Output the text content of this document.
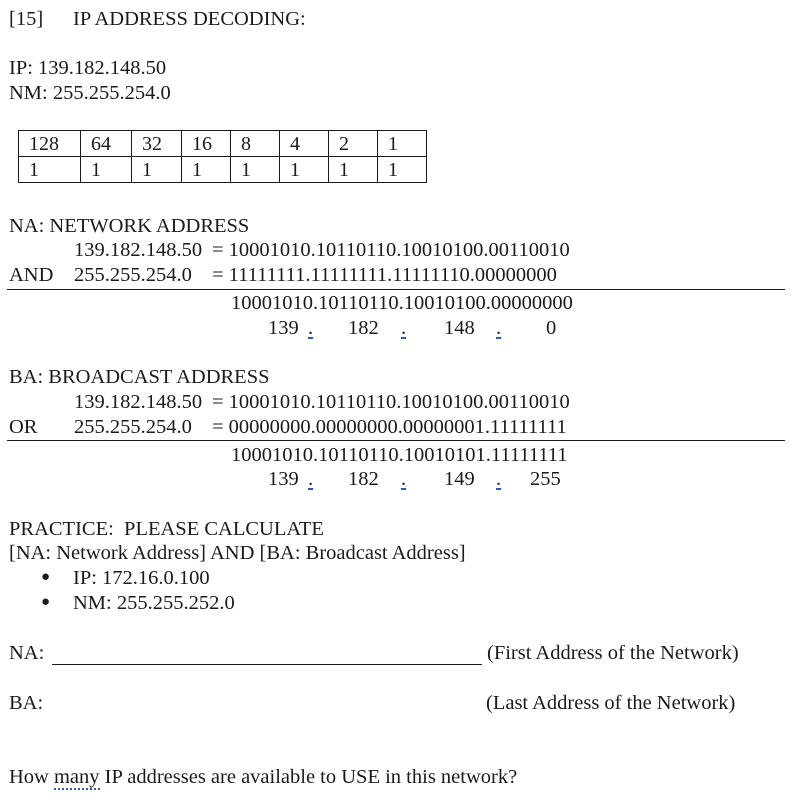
[15] IP ADDRESS DECODING:
IP: 139.182.148.50
NM: 255.255.254.0
128	64	32	16	8	4	2	1
1	1	1	1	1	1	1	1
NA: NETWORK ADDRESS
139.182.148.50 = 10001010.10110110.10010100.00110010
AND 255.255.254.0 = 11111111.11111111.11111110.00000000
10001010.10110110.10010100.00000000
139 . 182	. 148	.	0
BA: BROADCAST ADDRESS
139.182.148.50 = 10001010.10110110.10010100.00110010
OR 255.255.254.0 = 00000000.00000000.00000001.11111111
10001010.10110110.10010101.11111111
139 . 182	. 149	.	255
PRACTICE:  PLEASE CALCULATE
[NA: Network Address] AND [BA: Broadcast Address]
● IP: 172.16.0.100
● NM: 255.255.252.0
NA:	(First Address of the Network)
BA:	(Last Address of the Network)
How many IP addresses are available to USE in this network?
